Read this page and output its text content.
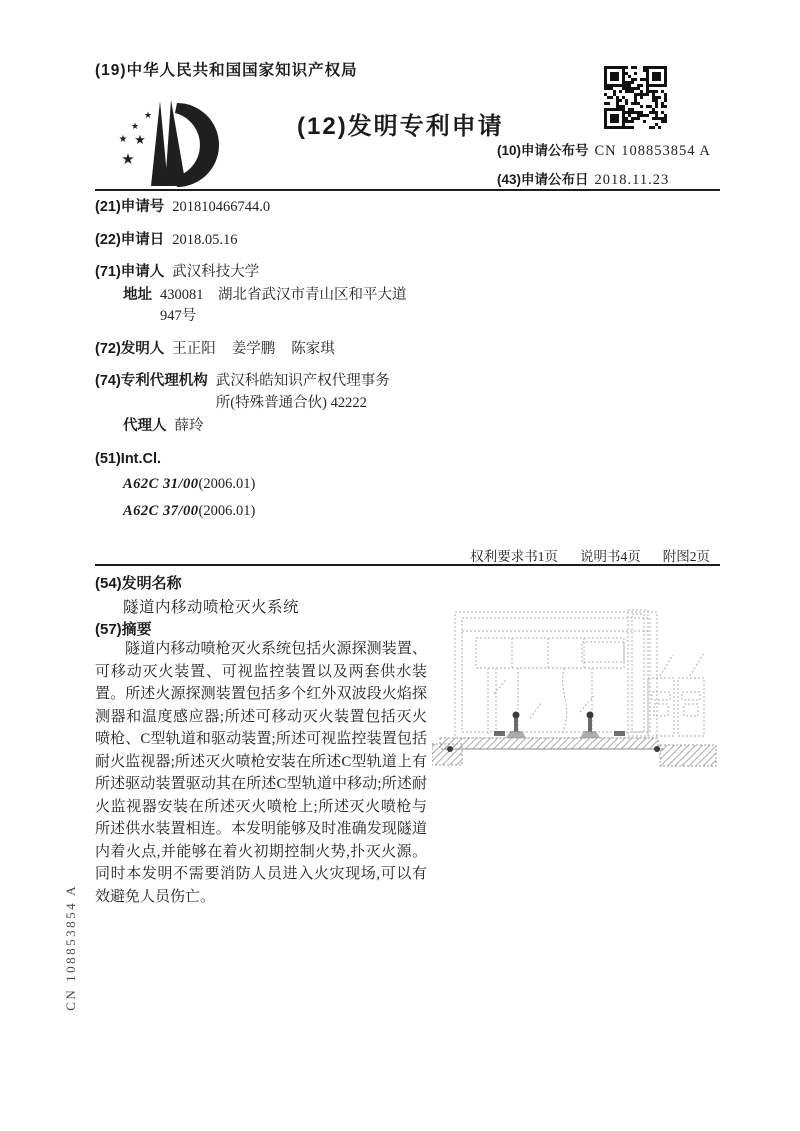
(19)中华人民共和国国家知识产权局
★
★
★ ★
★
(12)发明专利申请
(10)申请公布号 CN 108853854 A
(43)申请公布日 2018.11.23
(21)申请号 201810466744.0
(22)申请日 2018.05.16
(71)申请人 武汉科技大学
地址 430081  湖北省武汉市青山区和平大道947号
(72)发明人 王正阳 姜学鹏 陈家琪
(74)专利代理机构 武汉科皓知识产权代理事务所(特殊普通合伙) 42222
代理人 薛玲
(51)Int.Cl.
A62C 31/00(2006.01)
A62C 37/00(2006.01)
权利要求书1页 说明书4页 附图2页
(54)发明名称
隧道内移动喷枪灭火系统
(57)摘要
隧道内移动喷枪灭火系统包括火源探测装置、可移动灭火装置、可视监控装置以及两套供水装置。所述火源探测装置包括多个红外双波段火焰探测器和温度感应器;所述可移动灭火装置包括灭火喷枪、C型轨道和驱动装置;所述可视监控装置包括耐火监视器;所述灭火喷枪安装在所述C型轨道上有所述驱动装置驱动其在所述C型轨道中移动;所述耐火监视器安装在所述灭火喷枪上;所述灭火喷枪与所述供水装置相连。本发明能够及时准确发现隧道内着火点,并能够在着火初期控制火势,扑灭火源。同时本发明不需要消防人员进入火灾现场,可以有效避免人员伤亡。
CN 108853854 A
